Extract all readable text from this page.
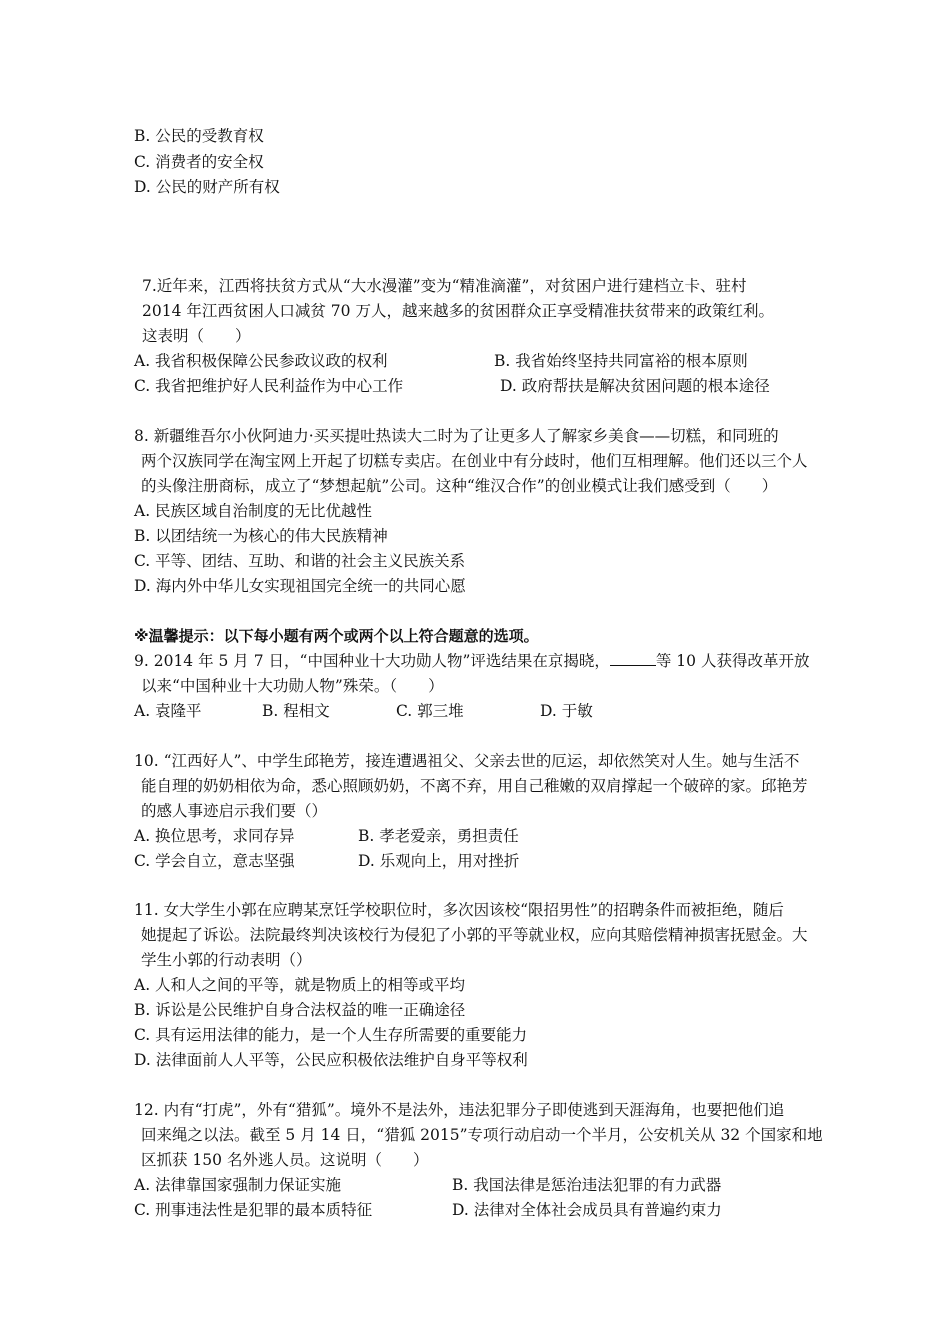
B. 公民的受教育权
C. 消费者的安全权
D. 公民的财产所有权
7.近年来，江西将扶贫方式从“大水漫灌”变为“精准滴灌”，对贫困户进行建档立卡、驻村
2014 年江西贫困人口减贫 70 万人，越来越多的贫困群众正享受精准扶贫带来的政策红利。
这表明（　　）
A. 我省积极保障公民参政议政的权利	B. 我省始终坚持共同富裕的根本原则
C. 我省把维护好人民利益作为中心工作	D. 政府帮扶是解决贫困问题的根本途径
8. 新疆维吾尔小伙阿迪力·买买提吐热读大二时为了让更多人了解家乡美食——切糕，和同班的
两个汉族同学在淘宝网上开起了切糕专卖店。在创业中有分歧时，他们互相理解。他们还以三个人
的头像注册商标，成立了“梦想起航”公司。这种“维汉合作”的创业模式让我们感受到（　　）
A. 民族区域自治制度的无比优越性
B. 以团结统一为核心的伟大民族精神
C. 平等、团结、互助、和谐的社会主义民族关系
D. 海内外中华儿女实现祖国完全统一的共同心愿
※温馨提示：以下每小题有两个或两个以上符合题意的选项。
9. 2014 年 5 月 7 日，“中国种业十大功勋人物”评选结果在京揭晓，	等 10 人获得改革开放
以来“中国种业十大功勋人物”殊荣。（　　）
A. 袁隆平	B. 程相文	C. 郭三堆	D. 于敏
10. “江西好人”、中学生邱艳芳，接连遭遇祖父、父亲去世的厄运，却依然笑对人生。她与生活不
能自理的奶奶相依为命，悉心照顾奶奶，不离不弃，用自己稚嫩的双肩撑起一个破碎的家。邱艳芳
的感人事迹启示我们要（）
A. 换位思考，求同存异	B. 孝老爱亲，勇担责任
C. 学会自立，意志坚强	D. 乐观向上，用对挫折
11. 女大学生小郭在应聘某烹饪学校职位时，多次因该校“限招男性”的招聘条件而被拒绝，随后
她提起了诉讼。法院最终判决该校行为侵犯了小郭的平等就业权，应向其赔偿精神损害抚慰金。大
学生小郭的行动表明（）
A. 人和人之间的平等，就是物质上的相等或平均
B. 诉讼是公民维护自身合法权益的唯一正确途径
C. 具有运用法律的能力，是一个人生存所需要的重要能力
D. 法律面前人人平等，公民应积极依法维护自身平等权利
12. 内有“打虎”，外有“猎狐”。境外不是法外，违法犯罪分子即使逃到天涯海角，也要把他们追
回来绳之以法。截至 5 月 14 日，“猎狐 2015”专项行动启动一个半月，公安机关从 32 个国家和地
区抓获 150 名外逃人员。这说明（　　）
A. 法律靠国家强制力保证实施	B. 我国法律是惩治违法犯罪的有力武器
C. 刑事违法性是犯罪的最本质特征	D. 法律对全体社会成员具有普遍约束力
